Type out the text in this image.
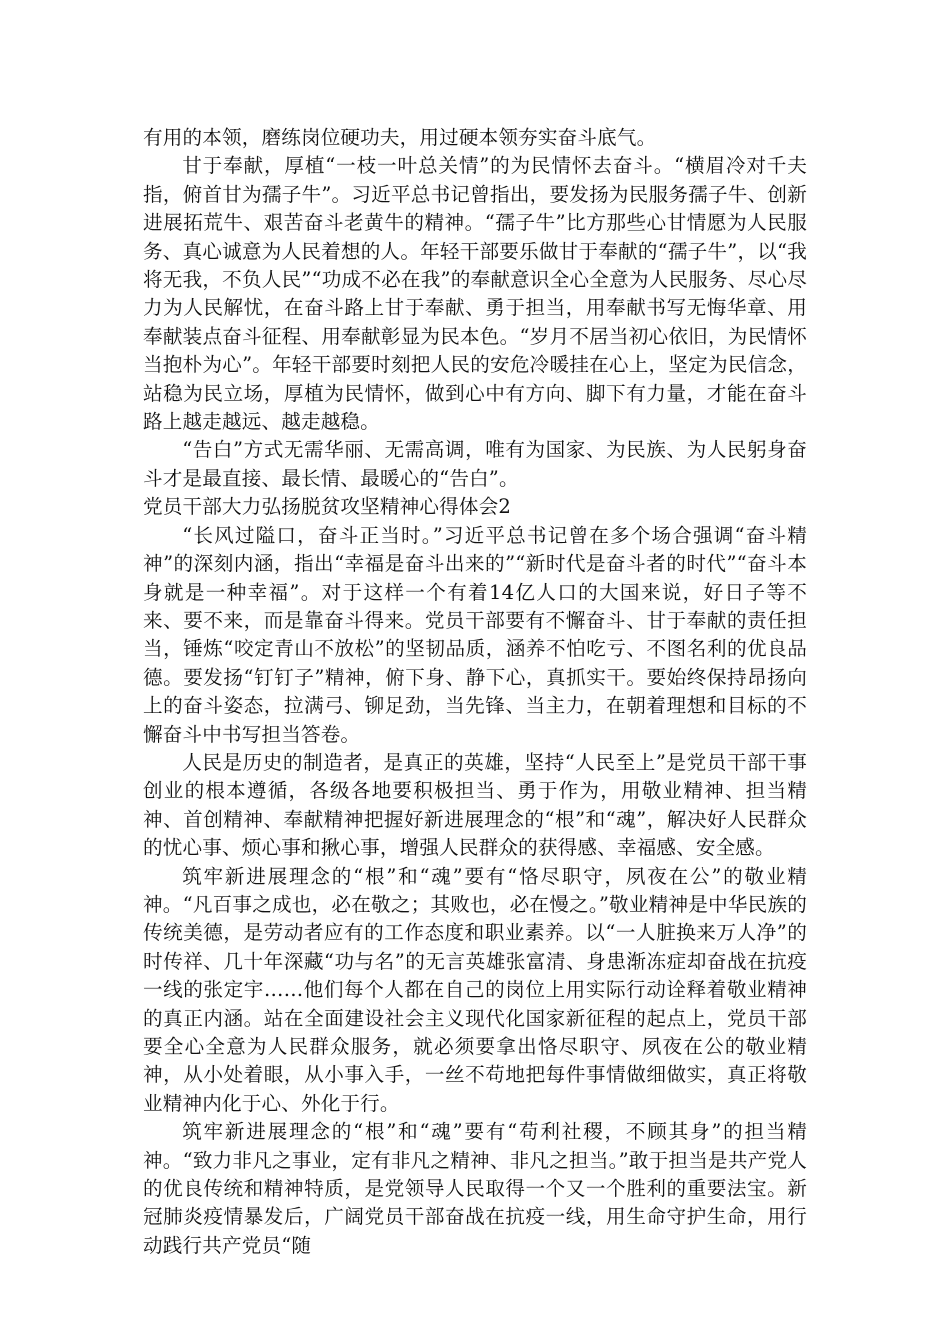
有用的本领，磨练岗位硬功夫，用过硬本领夯实奋斗底气。

甘于奉献，厚植“一枝一叶总关情”的为民情怀去奋斗。“横眉冷对千夫指，俯首甘为孺子牛”。习近平总书记曾指出，要发扬为民服务孺子牛、创新进展拓荒牛、艰苦奋斗老黄牛的精神。“孺子牛”比方那些心甘情愿为人民服务、真心诚意为人民着想的人。年轻干部要乐做甘于奉献的“孺子牛”，以“我将无我，不负人民”“功成不必在我”的奉献意识全心全意为人民服务、尽心尽力为人民解忧，在奋斗路上甘于奉献、勇于担当，用奉献书写无悔华章、用奉献装点奋斗征程、用奉献彰显为民本色。“岁月不居当初心依旧，为民情怀当抱朴为心”。年轻干部要时刻把人民的安危冷暖挂在心上，坚定为民信念，站稳为民立场，厚植为民情怀，做到心中有方向、脚下有力量，才能在奋斗路上越走越远、越走越稳。

“告白”方式无需华丽、无需高调，唯有为国家、为民族、为人民躬身奋斗才是最直接、最长情、最暖心的“告白”。

党员干部大力弘扬脱贫攻坚精神心得体会2

“长风过隘口，奋斗正当时。”习近平总书记曾在多个场合强调“奋斗精神”的深刻内涵，指出“幸福是奋斗出来的”“新时代是奋斗者的时代”“奋斗本身就是一种幸福”。对于这样一个有着14亿人口的大国来说，好日子等不来、要不来，而是靠奋斗得来。党员干部要有不懈奋斗、甘于奉献的责任担当，锤炼“咬定青山不放松”的坚韧品质，涵养不怕吃亏、不图名利的优良品德。要发扬“钉钉子”精神，俯下身、静下心，真抓实干。要始终保持昂扬向上的奋斗姿态，拉满弓、铆足劲，当先锋、当主力，在朝着理想和目标的不懈奋斗中书写担当答卷。

人民是历史的制造者，是真正的英雄，坚持“人民至上”是党员干部干事创业的根本遵循，各级各地要积极担当、勇于作为，用敬业精神、担当精神、首创精神、奉献精神把握好新进展理念的“根”和“魂”，解决好人民群众的忧心事、烦心事和揪心事，增强人民群众的获得感、幸福感、安全感。

筑牢新进展理念的“根”和“魂”要有“恪尽职守，夙夜在公”的敬业精神。“凡百事之成也，必在敬之；其败也，必在慢之。”敬业精神是中华民族的传统美德，是劳动者应有的工作态度和职业素养。以“一人脏换来万人净”的时传祥、几十年深藏“功与名”的无言英雄张富清、身患渐冻症却奋战在抗疫一线的张定宇……他们每个人都在自己的岗位上用实际行动诠释着敬业精神的真正内涵。站在全面建设社会主义现代化国家新征程的起点上，党员干部要全心全意为人民群众服务，就必须要拿出恪尽职守、夙夜在公的敬业精神，从小处着眼，从小事入手，一丝不苟地把每件事情做细做实，真正将敬业精神内化于心、外化于行。

筑牢新进展理念的“根”和“魂”要有“苟利社稷，不顾其身”的担当精神。“致力非凡之事业，定有非凡之精神、非凡之担当。”敢于担当是共产党人的优良传统和精神特质，是党领导人民取得一个又一个胜利的重要法宝。新冠肺炎疫情暴发后，广阔党员干部奋战在抗疫一线，用生命守护生命，用行动践行共产党员“随
